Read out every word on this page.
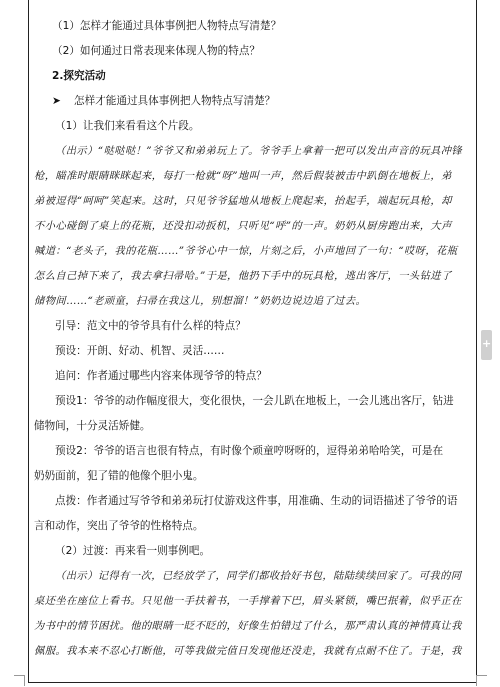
（1）怎样才能通过具体事例把人物特点写清楚？
（2）如何通过日常表现来体现人物的特点？
2.探究活动
➤ 怎样才能通过具体事例把人物特点写清楚？
（1）让我们来看看这个片段。
（出示）“哒哒哒！”爷爷又和弟弟玩上了。爷爷手上拿着一把可以发出声音的玩具冲锋
枪，瞄准时眼睛眯眯起来，每打一枪就“呀”地叫一声，然后假装被击中趴倒在地板上，弟
弟被逗得“呵呵”笑起来。这时，只见爷爷猛地从地板上爬起来，抬起手，端起玩具枪，却
不小心碰倒了桌上的花瓶，还没扣动扳机，只听见“呼”的一声。奶奶从厨房跑出来，大声
喊道：“老头子，我的花瓶……”爷爷心中一惊，片刻之后，小声地回了一句：“哎呀，花瓶
怎么自己掉下来了，我去拿扫帚哈。”于是，他扔下手中的玩具枪，逃出客厅，一头钻进了
储物间……“老顽童，扫帚在我这儿，别想溜！”奶奶边说边追了过去。
引导：范文中的爷爷具有什么样的特点？
预设：开朗、好动、机智、灵活……
追问：作者通过哪些内容来体现爷爷的特点？
预设1：爷爷的动作幅度很大，变化很快，一会儿趴在地板上，一会儿逃出客厅，钻进
储物间，十分灵活矫健。
预设2：爷爷的语言也很有特点，有时像个顽童哼呀呀的，逗得弟弟哈哈笑，可是在
奶奶面前，犯了错的他像个胆小鬼。
点拨：作者通过写爷爷和弟弟玩打仗游戏这件事，用准确、生动的词语描述了爷爷的语
言和动作，突出了爷爷的性格特点。
（2）过渡：再来看一则事例吧。
（出示）记得有一次，已经放学了，同学们都收拾好书包，陆陆续续回家了。可我的同
桌还坐在座位上看书。只见他一手扶着书，一手撑着下巴，眉头紧锁，嘴巴抿着，似乎正在
为书中的情节困扰。他的眼睛一眨不眨的，好像生怕错过了什么，那严肃认真的神情真让我
佩服。我本来不忍心打断他，可等我做完值日发现他还没走，我就有点耐不住了。于是，我
+
